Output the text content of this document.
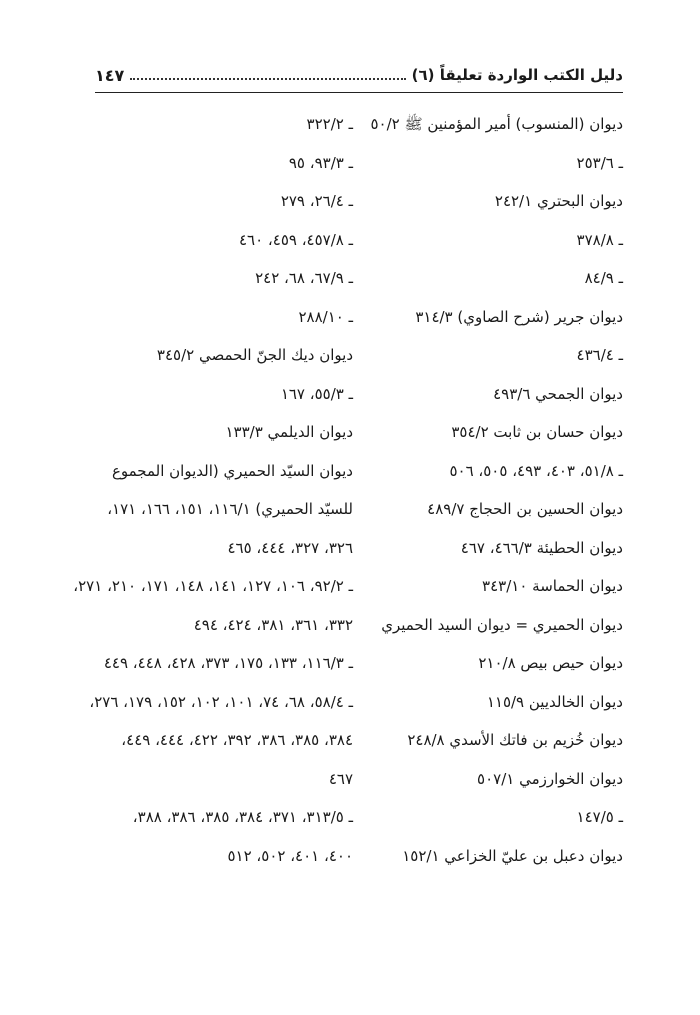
دليل الكتب الواردة تعليقاً (٦)
١٤٧
ديوان (المنسوب) أمير المؤمنين ﷺ ٥٠/٢
ـ ٢٥٣/٦
ديوان البحتري ٢٤٢/١
ـ ٣٧٨/٨
ـ ٨٤/٩
ديوان جرير (شرح الصاوي) ٣١٤/٣
ـ ٤٣٦/٤
ديوان الجمحي ٤٩٣/٦
ديوان حسان بن ثابت ٣٥٤/٢
ـ ٥١/٨، ٤٠٣، ٤٩٣، ٥٠٥، ٥٠٦
ديوان الحسين بن الحجاج ٤٨٩/٧
ديوان الحطيئة ٤٦٦/٣، ٤٦٧
ديوان الحماسة ٣٤٣/١٠
ديوان الحميري = ديوان السيد الحميري
ديوان حيص بيص ٢١٠/٨
ديوان الخالديين ١١٥/٩
ديوان خُزيم بن فاتك الأسدي ٢٤٨/٨
ديوان الخوارزمي ٥٠٧/١
ـ ١٤٧/٥
ديوان دعبل بن عليّ الخزاعي ١٥٢/١
ـ ٣٢٢/٢
ـ ٩٣/٣، ٩٥
ـ ٢٦/٤، ٢٧٩
ـ ٤٥٧/٨، ٤٥٩، ٤٦٠
ـ ٦٧/٩، ٦٨، ٢٤٢
ـ ٢٨٨/١٠
ديوان ديك الجنّ الحمصي ٣٤٥/٢
ـ ٥٥/٣، ١٦٧
ديوان الديلمي ١٣٣/٣
ديوان السيّد الحميري (الديوان المجموع
للسيّد الحميري) ١١٦/١، ١٥١، ١٦٦، ١٧١،
٣٢٦، ٣٢٧، ٤٤٤، ٤٦٥
ـ ٩٢/٢، ١٠٦، ١٢٧، ١٤١، ١٤٨، ١٧١، ٢١٠، ٢٧١،
٣٣٢، ٣٦١، ٣٨١، ٤٢٤، ٤٩٤
ـ ١١٦/٣، ١٣٣، ١٧٥، ٣٧٣، ٤٢٨، ٤٤٨، ٤٤٩
ـ ٥٨/٤، ٦٨، ٧٤، ١٠١، ١٠٢، ١٥٢، ١٧٩، ٢٧٦،
٣٨٤، ٣٨٥، ٣٨٦، ٣٩٢، ٤٢٢، ٤٤٤، ٤٤٩،
٤٦٧
ـ ٣١٣/٥، ٣٧١، ٣٨٤، ٣٨٥، ٣٨٦، ٣٨٨،
٤٠٠، ٤٠١، ٥٠٢، ٥١٢
